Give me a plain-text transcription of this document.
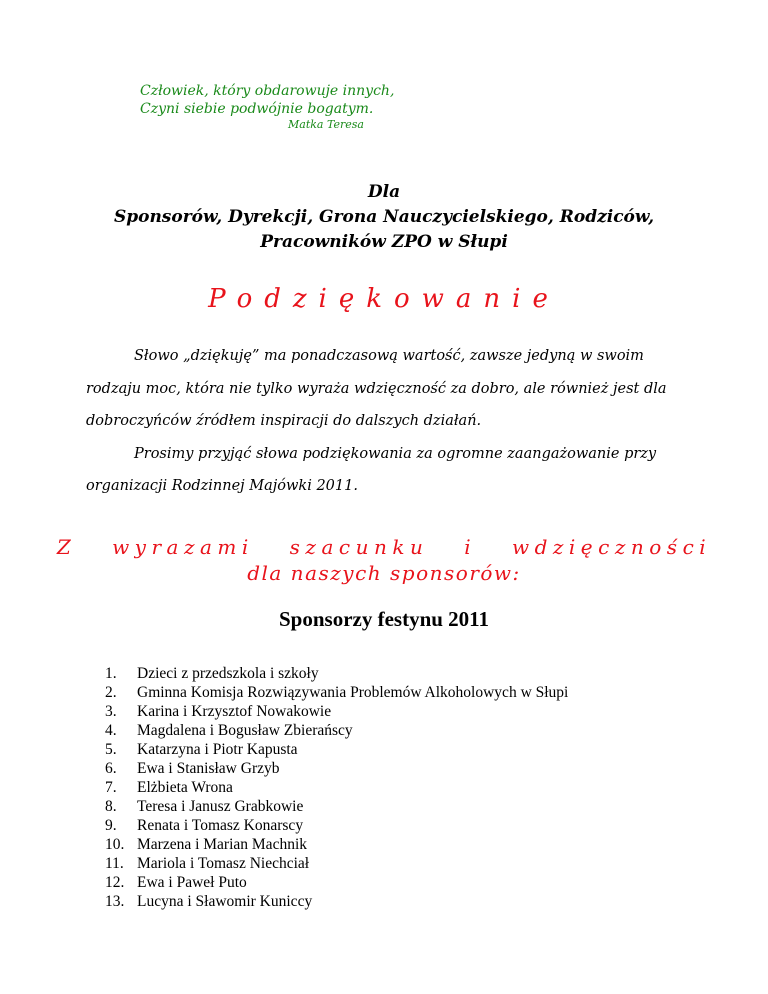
Człowiek, który obdarowuje innych,
Czyni siebie podwójnie bogatym.
Matka Teresa
Dla
Sponsorów, Dyrekcji, Grona Nauczycielskiego, Rodziców,
Pracowników ZPO w Słupi
Podziękowanie

Słowo „dziękuję” ma ponadczasową wartość, zawsze jedyną w swoim

rodzaju moc, która nie tylko wyraża wdzięczność za dobro, ale również jest dla

dobroczyńców źródłem inspiracji do dalszych działań.

Prosimy przyjąć słowa podziękowania za ogromne zaangażowanie przy

organizacji Rodzinnej Majówki 2011.

Z wyrazami szacunku i wdzięczności
dla naszych sponsorów:
Sponsorzy festynu 2011
1.	Dzieci z przedszkola i szkoły
2.	Gminna Komisja Rozwiązywania Problemów Alkoholowych w Słupi
3.	Karina i Krzysztof Nowakowie
4.	Magdalena i Bogusław Zbierańscy
5.	Katarzyna i Piotr Kapusta
6.	Ewa i Stanisław Grzyb
7.	Elżbieta Wrona
8.	Teresa i Janusz Grabkowie
9.	Renata i Tomasz Konarscy
10. Marzena i Marian Machnik
11. Mariola i Tomasz Niechciał
12. Ewa i Paweł Puto
13. Lucyna i Sławomir Kuniccy
